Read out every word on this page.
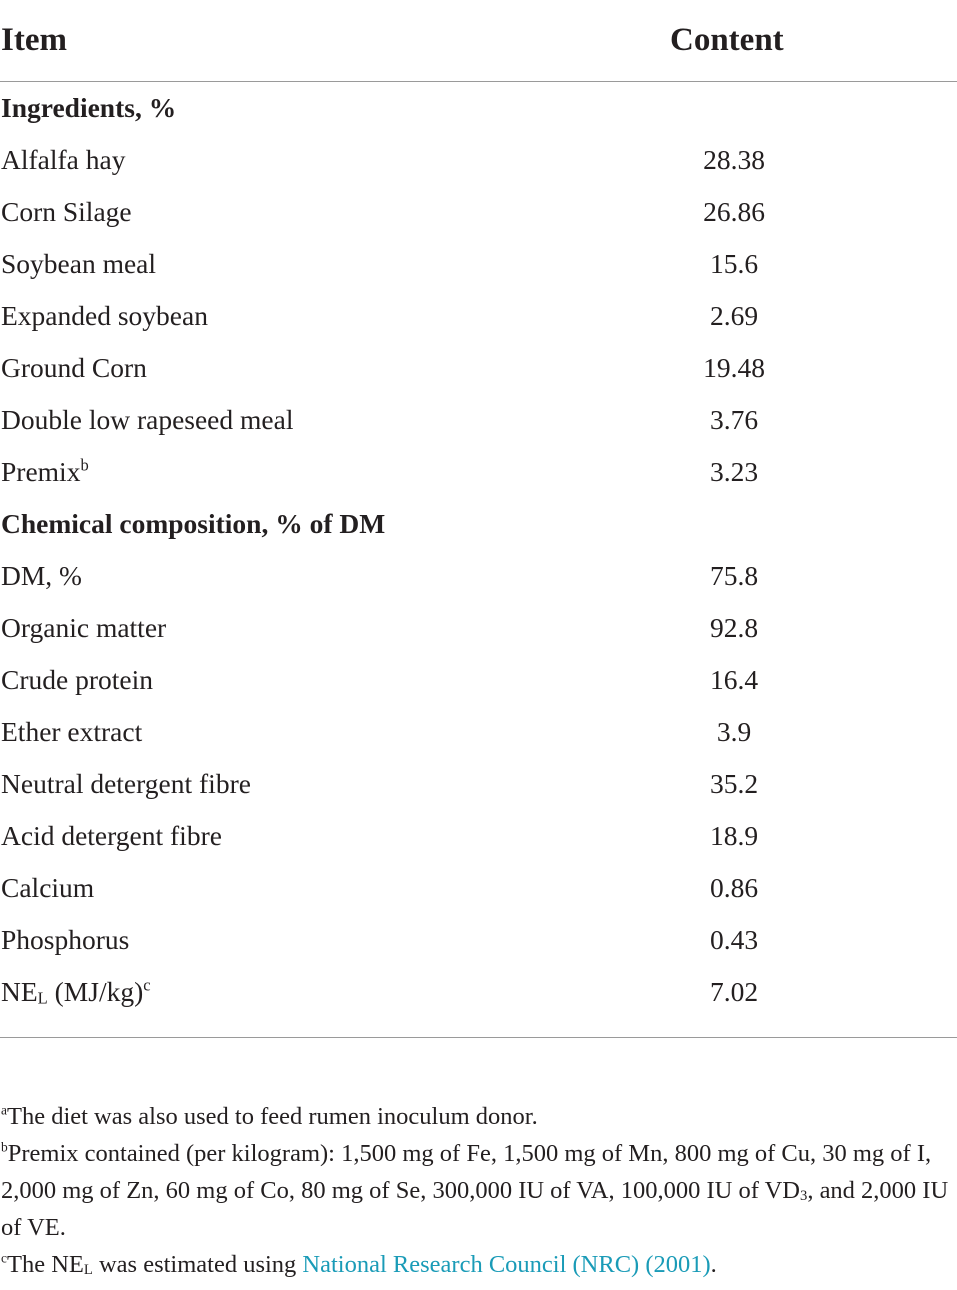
Item	Content
Ingredients, %
Alfalfa hay	28.38
Corn Silage	26.86
Soybean meal	15.6
Expanded soybean	2.69
Ground Corn	19.48
Double low rapeseed meal	3.76
Premix$^b$	3.23
Chemical composition, % of DM
DM, %	75.8
Organic matter	92.8
Crude protein	16.4
Ether extract	3.9
Neutral detergent fibre	35.2
Acid detergent fibre	18.9
Calcium	0.86
Phosphorus	0.43
$NE_L$ $(MJ/kg)^c$	7.02

$^a$The diet was also used to feed rumen inoculum donor.

$^b$Premix contained (per kilogram): 1,500 mg of Fe, 1,500 mg of Mn, 800 mg of Cu, 30 mg of I, 2,000 mg of Zn, 60 mg of Co, 80 mg of Se, 300,000 IU of VA, 100,000 IU of $VD_3$, and 2,000 IU of VE.

$^c$The $NE_L$ was estimated using National Research Council (NRC) (2001).
